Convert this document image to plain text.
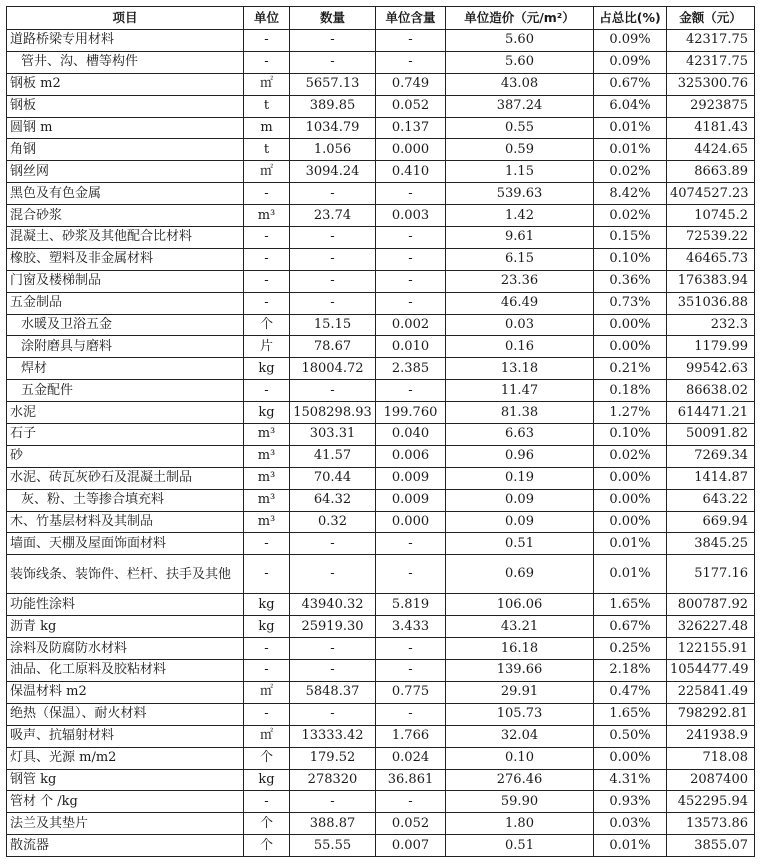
项目	单位	数量	单位含量	单位造价（元/m²）	占总比(%)	金额（元）
道路桥梁专用材料	-	-	-	5.60	0.09%	42317.75
管井、沟、槽等构件	-	-	-	5.60	0.09%	42317.75
钢板 m2	㎡	5657.13	0.749	43.08	0.67%	325300.76
钢板	t	389.85	0.052	387.24	6.04%	2923875
圆钢 m	m	1034.79	0.137	0.55	0.01%	4181.43
角钢	t	1.056	0.000	0.59	0.01%	4424.65
钢丝网	㎡	3094.24	0.410	1.15	0.02%	8663.89
黑色及有色金属	-	-	-	539.63	8.42%	4074527.23
混合砂浆	m³	23.74	0.003	1.42	0.02%	10745.2
混凝土、砂浆及其他配合比材料	-	-	-	9.61	0.15%	72539.22
橡胶、塑料及非金属材料	-	-	-	6.15	0.10%	46465.73
门窗及楼梯制品	-	-	-	23.36	0.36%	176383.94
五金制品	-	-	-	46.49	0.73%	351036.88
水暖及卫浴五金	个	15.15	0.002	0.03	0.00%	232.3
涂附磨具与磨料	片	78.67	0.010	0.16	0.00%	1179.99
焊材	kg	18004.72	2.385	13.18	0.21%	99542.63
五金配件	-	-	-	11.47	0.18%	86638.02
水泥	kg	1508298.93	199.760	81.38	1.27%	614471.21
石子	m³	303.31	0.040	6.63	0.10%	50091.82
砂	m³	41.57	0.006	0.96	0.02%	7269.34
水泥、砖瓦灰砂石及混凝土制品	m³	70.44	0.009	0.19	0.00%	1414.87
灰、粉、土等掺合填充料	m³	64.32	0.009	0.09	0.00%	643.22
木、竹基层材料及其制品	m³	0.32	0.000	0.09	0.00%	669.94
墙面、天棚及屋面饰面材料	-	-	-	0.51	0.01%	3845.25
装饰线条、装饰件、栏杆、扶手及其他	-	-	-	0.69	0.01%	5177.16
功能性涂料	kg	43940.32	5.819	106.06	1.65%	800787.92
沥青 kg	kg	25919.30	3.433	43.21	0.67%	326227.48
涂料及防腐防水材料	-	-	-	16.18	0.25%	122155.91
油品、化工原料及胶粘材料	-	-	-	139.66	2.18%	1054477.49
保温材料 m2	㎡	5848.37	0.775	29.91	0.47%	225841.49
绝热（保温）、耐火材料	-	-	-	105.73	1.65%	798292.81
吸声、抗辐射材料	㎡	13333.42	1.766	32.04	0.50%	241938.9
灯具、光源 m/m2	个	179.52	0.024	0.10	0.00%	718.08
钢管 kg	kg	278320	36.861	276.46	4.31%	2087400
管材 个 /kg	-	-	-	59.90	0.93%	452295.94
法兰及其垫片	个	388.87	0.052	1.80	0.03%	13573.86
散流器	个	55.55	0.007	0.51	0.01%	3855.07
